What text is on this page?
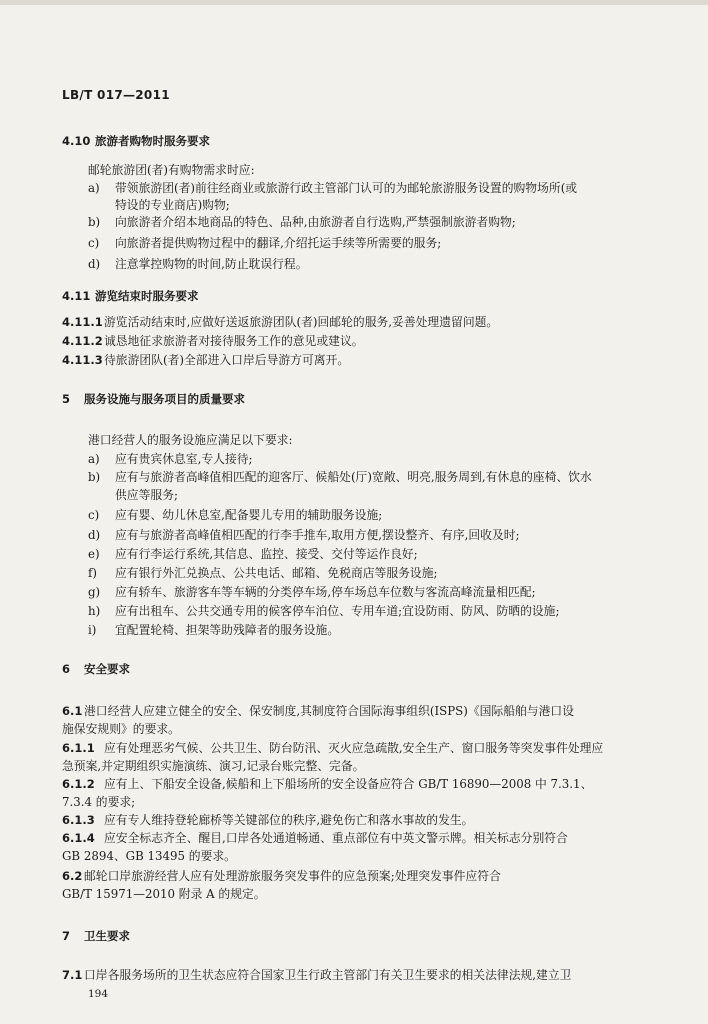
LB/T 017—2011
4.10 旅游者购物时服务要求
邮轮旅游团(者)有购物需求时应:
a) 带领旅游团(者)前往经商业或旅游行政主管部门认可的为邮轮旅游服务设置的购物场所(或
特设的专业商店)购物;
b) 向旅游者介绍本地商品的特色、品种,由旅游者自行选购,严禁强制旅游者购物;
c) 向旅游者提供购物过程中的翻译,介绍托运手续等所需要的服务;
d) 注意掌控购物的时间,防止耽误行程。
4.11 游览结束时服务要求
4.11.1游览活动结束时,应做好送返旅游团队(者)回邮轮的服务,妥善处理遗留问题。
4.11.2诚恳地征求旅游者对接待服务工作的意见或建议。
4.11.3待旅游团队(者)全部进入口岸后导游方可离开。
5 服务设施与服务项目的质量要求
港口经营人的服务设施应满足以下要求:
a) 应有贵宾休息室,专人接待;
b) 应有与旅游者高峰值相匹配的迎客厅、候船处(厅)宽敞、明亮,服务周到,有休息的座椅、饮水
供应等服务;
c) 应有婴、幼儿休息室,配备婴儿专用的辅助服务设施;
d) 应有与旅游者高峰值相匹配的行李手推车,取用方便,摆设整齐、有序,回收及时;
e) 应有行李运行系统,其信息、监控、接受、交付等运作良好;
f) 应有银行外汇兑换点、公共电话、邮箱、免税商店等服务设施;
g) 应有轿车、旅游客车等车辆的分类停车场,停车场总车位数与客流高峰流量相匹配;
h) 应有出租车、公共交通专用的候客停车泊位、专用车道;宜设防雨、防风、防晒的设施;
i) 宜配置轮椅、担架等助残障者的服务设施。
6 安全要求
6.1 港口经营人应建立健全的安全、保安制度,其制度符合国际海事组织(ISPS)《国际船舶与港口设
施保安规则》的要求。
6.1.1 应有处理恶劣气候、公共卫生、防台防汛、灭火应急疏散,安全生产、窗口服务等突发事件处理应
急预案,并定期组织实施演练、演习,记录台账完整、完备。
6.1.2 应有上、下船安全设备,候船和上下船场所的安全设备应符合 GB/T 16890—2008 中 7.3.1、
7.3.4 的要求;
6.1.3 应有专人维持登轮廊桥等关键部位的秩序,避免伤亡和落水事故的发生。
6.1.4 应安全标志齐全、醒目,口岸各处通道畅通、重点部位有中英文警示牌。相关标志分别符合
GB 2894、GB 13495 的要求。
6.2 邮轮口岸旅游经营人应有处理游旅服务突发事件的应急预案;处理突发事件应符合
GB/T 15971—2010 附录 A 的规定。
7 卫生要求
7.1 口岸各服务场所的卫生状态应符合国家卫生行政主管部门有关卫生要求的相关法律法规,建立卫
194
